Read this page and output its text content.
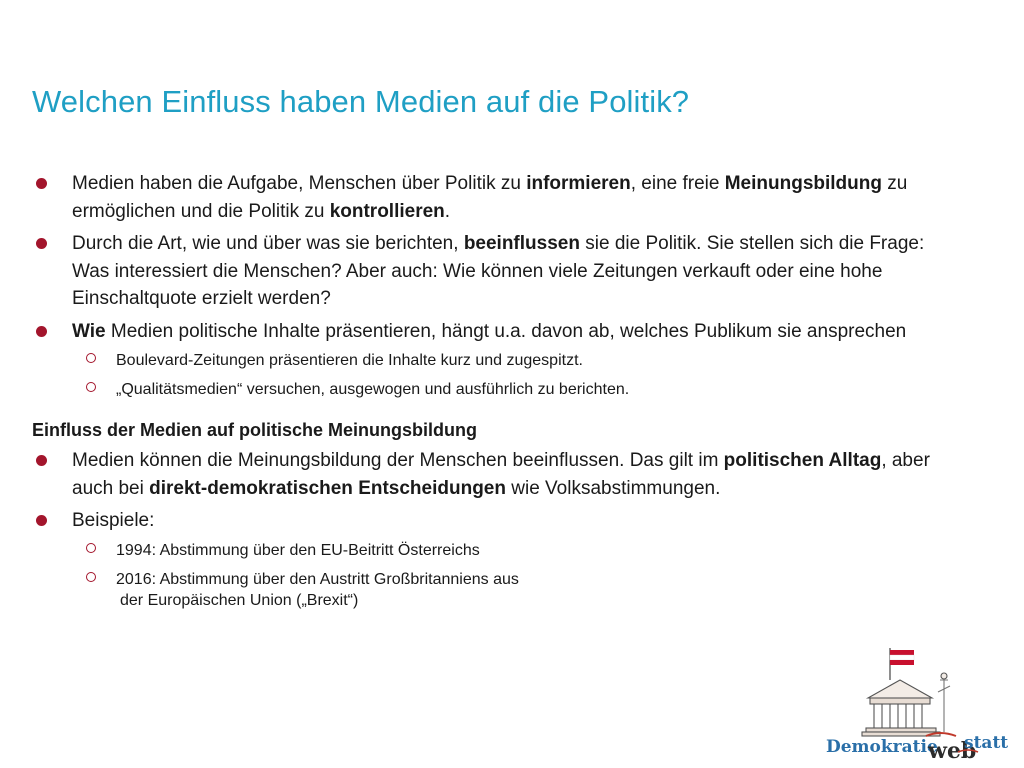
Welchen Einfluss haben Medien auf die Politik?
Medien haben die Aufgabe, Menschen über Politik zu informieren, eine freie Meinungsbildung zu ermöglichen und die Politik zu kontrollieren.
Durch die Art, wie und über was sie berichten, beeinflussen sie die Politik. Sie stellen sich die Frage: Was interessiert die Menschen? Aber auch: Wie können viele Zeitungen verkauft oder eine hohe Einschaltquote erzielt werden?
Wie Medien politische Inhalte präsentieren, hängt u.a. davon ab, welches Publikum sie ansprechen
Boulevard-Zeitungen präsentieren die Inhalte kurz und zugespitzt.
„Qualitätsmedien“ versuchen, ausgewogen und ausführlich zu berichten.
Einfluss der Medien auf politische Meinungsbildung
Medien können die Meinungsbildung der Menschen beeinflussen. Das gilt im politischen Alltag, aber auch bei direkt-demokratischen Entscheidungen wie Volksabstimmungen.
Beispiele:
1994: Abstimmung über den EU-Beitritt Österreichs
2016: Abstimmung über den Austritt Großbritanniens aus
der Europäischen Union („Brexit“)
Demokratie
web
statt
